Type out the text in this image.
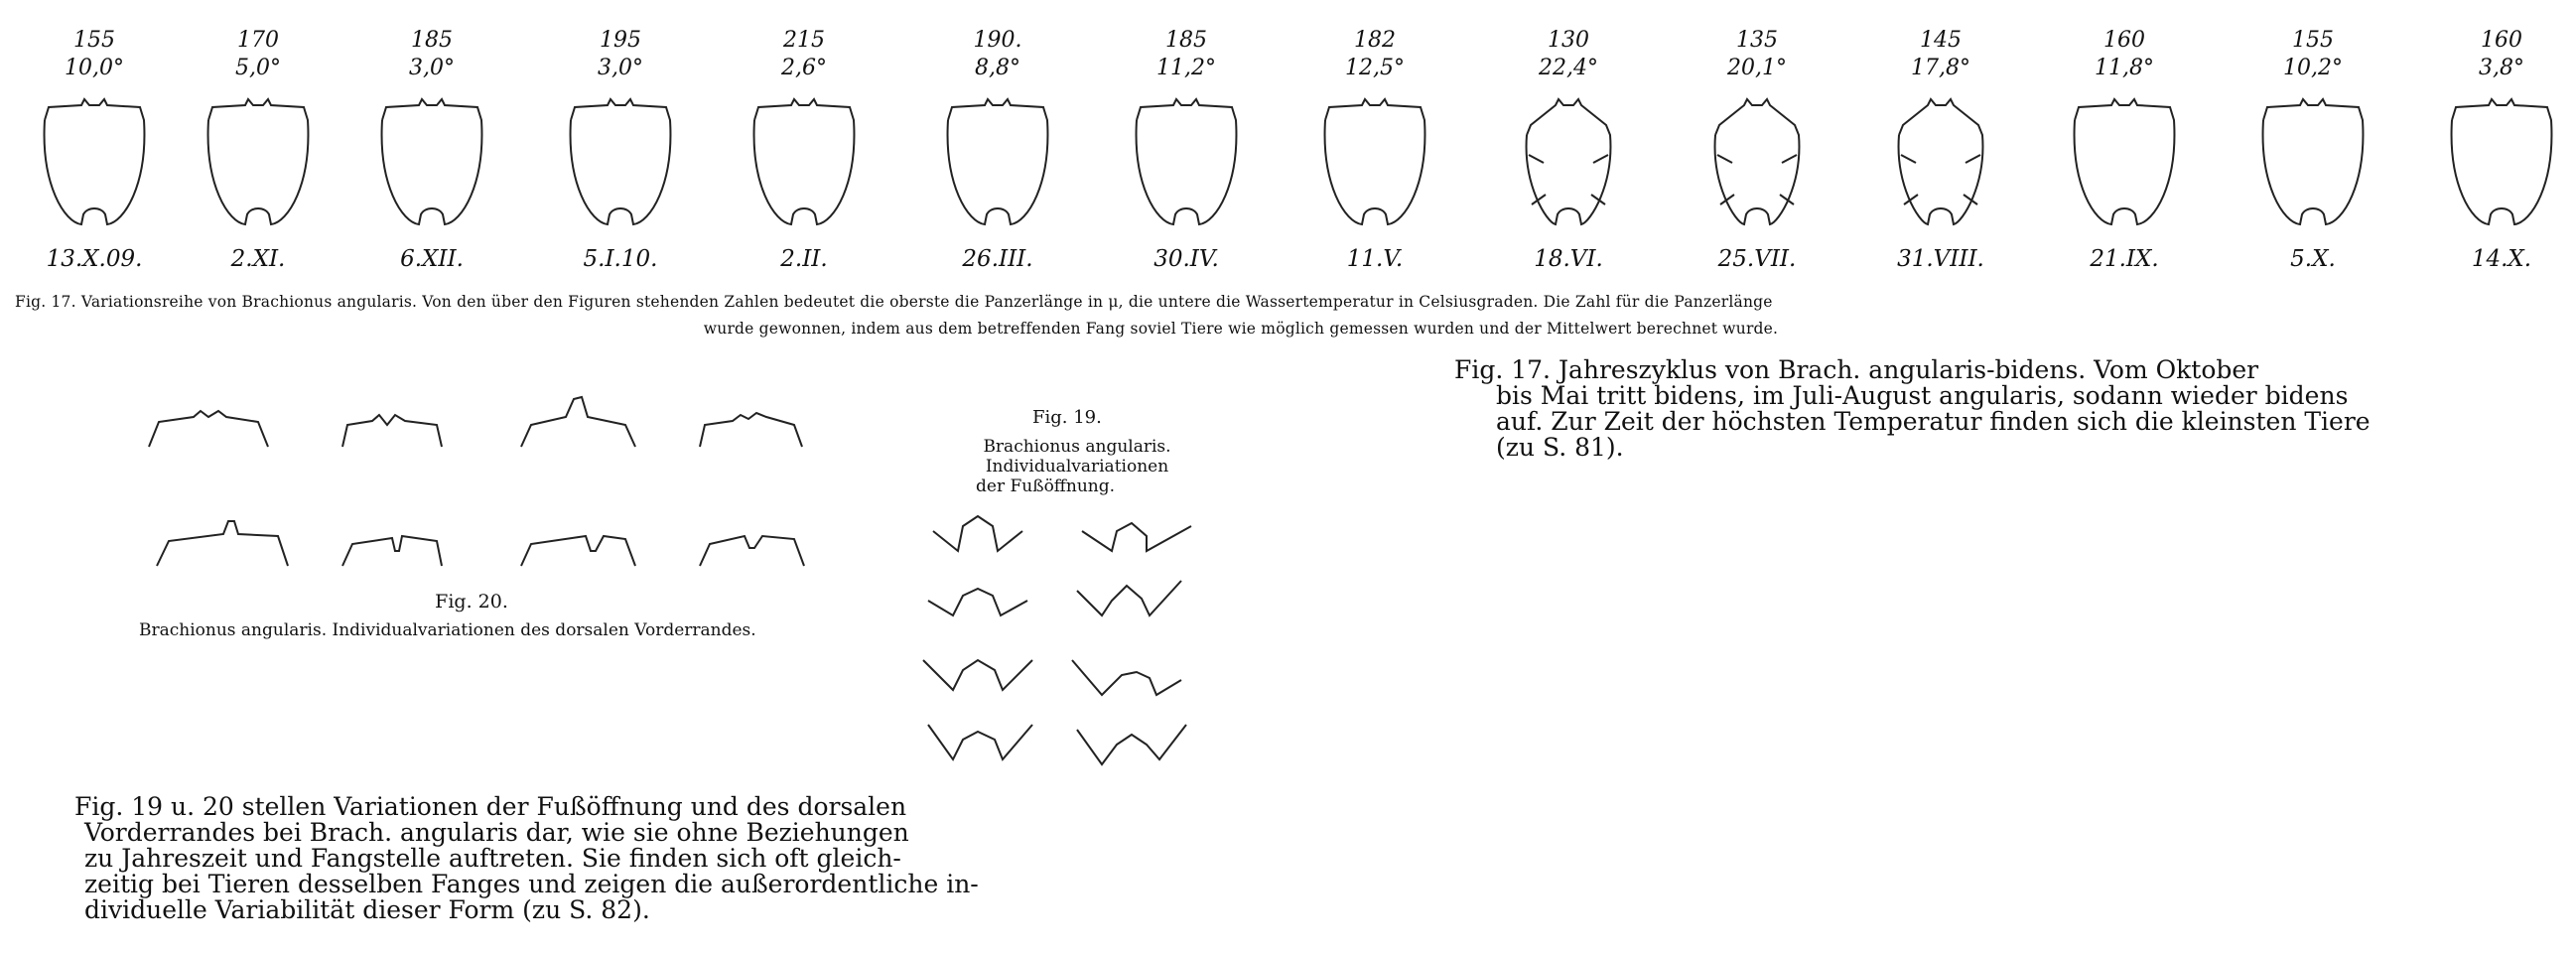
155
10,0°
13.X.09.
170
5,0°
2.XI.
185
3,0°
6.XII.
195
3,0°
5.I.10.
215
2,6°
2.II.
190.
8,8°
26.III.
185
11,2°
30.IV.
182
12,5°
11.V.
130
22,4°
18.VI.
135
20,1°
25.VII.
145
17,8°
31.VIII.
160
11,8°
21.IX.
155
10,2°
5.X.
160
3,8°
14.X.
Fig. 17. Variationsreihe von Brachionus angularis. Von den über den Figuren stehenden Zahlen bedeutet die oberste die Panzerlänge in μ, die untere die Wassertemperatur in Celsiusgraden. Die Zahl für die Panzerlänge
wurde gewonnen, indem aus dem betreffenden Fang soviel Tiere wie möglich gemessen wurden und der Mittelwert berechnet wurde.
Fig. 17. Jahreszyklus von Brach. angularis-bidens. Vom Oktober
bis Mai tritt bidens, im Juli-August angularis, sodann wieder bidens
auf. Zur Zeit der höchsten Temperatur finden sich die kleinsten Tiere
(zu S. 81).
Fig. 20.
Brachionus angularis. Individualvariationen des dorsalen Vorderrandes.
Fig. 19.
Brachionus angularis.
Individualvariationen
der Fußöffnung.
Fig. 19 u. 20 stellen Variationen der Fußöffnung und des dorsalen
Vorderrandes bei Brach. angularis dar, wie sie ohne Beziehungen
zu Jahreszeit und Fangstelle auftreten. Sie finden sich oft gleich-
zeitig bei Tieren desselben Fanges und zeigen die außerordentliche in-
dividuelle Variabilität dieser Form (zu S. 82).
